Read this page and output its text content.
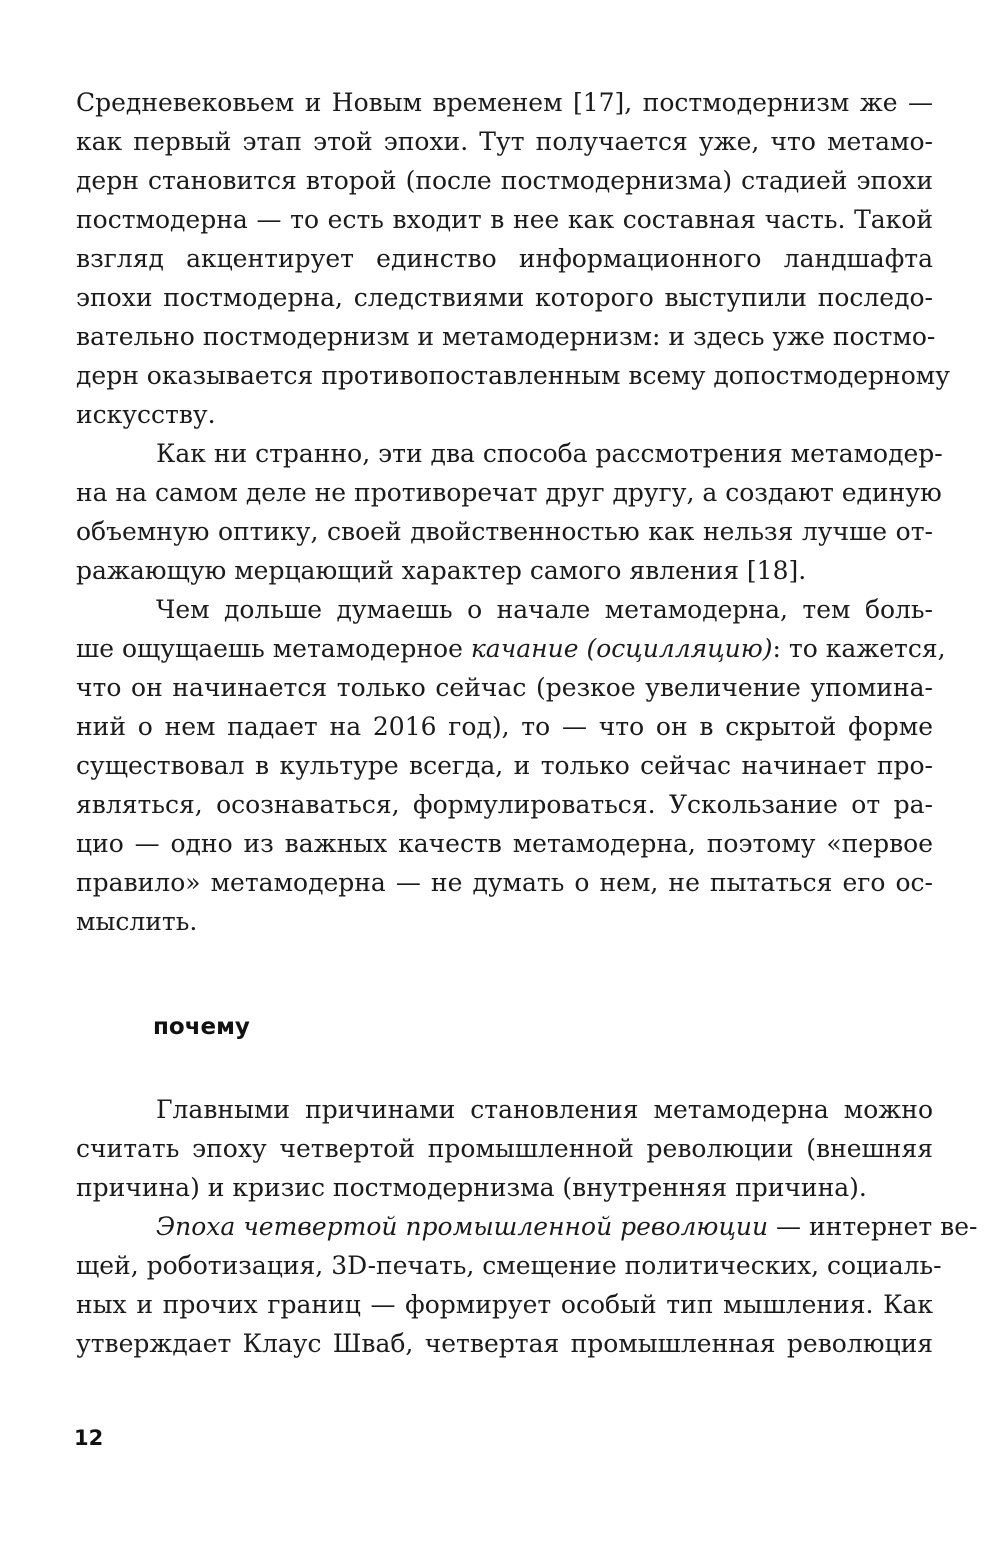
Средневековьем и Новым временем [17], постмодернизм же —
как первый этап этой эпохи. Тут получается уже, что метамо-
дерн становится второй (после постмодернизма) стадией эпохи
постмодерна — то есть входит в нее как составная часть. Такой
взгляд акцентирует единство информационного ландшафта
эпохи постмодерна, следствиями которого выступили последо-
вательно постмодернизм и метамодернизм: и здесь уже постмо-
дерн оказывается противопоставленным всему допостмодерному
искусству.
Как ни странно, эти два способа рассмотрения метамодер-
на на самом деле не противоречат друг другу, а создают единую
объемную оптику, своей двойственностью как нельзя лучше от-
ражающую мерцающий характер самого явления [18].
Чем дольше думаешь о начале метамодерна, тем боль-
ше ощущаешь метамодерное качание (осцилляцию): то кажется,
что он начинается только сейчас (резкое увеличение упомина-
ний о нем падает на 2016 год), то — что он в скрытой форме
существовал в культуре всегда, и только сейчас начинает про-
являться, осознаваться, формулироваться. Ускользание от ра-
цио — одно из важных качеств метамодерна, поэтому «первое
правило» метамодерна — не думать о нем, не пытаться его ос-
мыслить.
почему
Главными причинами становления метамодерна можно
считать эпоху четвертой промышленной революции (внешняя
причина) и кризис постмодернизма (внутренняя причина).
Эпоха четвертой промышленной революции — интернет ве-
щей, роботизация, 3D-печать, смещение политических, социаль-
ных и прочих границ — формирует особый тип мышления. Как
утверждает Клаус Шваб, четвертая промышленная революция
12
